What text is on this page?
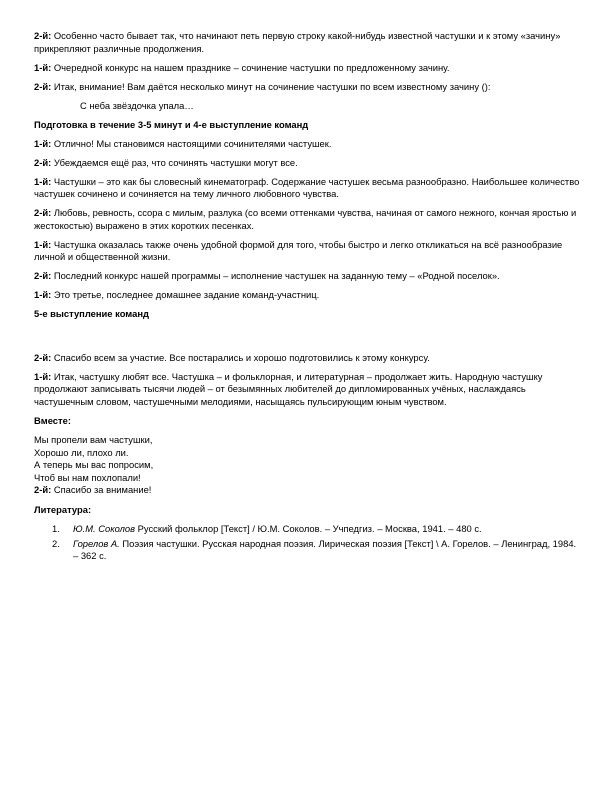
2-й: Особенно часто бывает так, что начинают петь первую строку какой-нибудь известной частушки и к этому «зачину» прикрепляют различные продолжения.

1-й: Очередной конкурс на нашем празднике – сочинение частушки по предложенному зачину.

2-й: Итак, внимание! Вам даётся несколько минут на сочинение частушки по всем известному зачину ():

С неба звёздочка упала…

Подготовка в течение 3-5 минут и 4-е выступление команд

1-й: Отлично! Мы становимся настоящими сочинителями частушек.

2-й: Убеждаемся ещё раз, что сочинять частушки могут все.

1-й: Частушки – это как бы словесный кинематограф. Содержание частушек весьма разнообразно. Наибольшее количество частушек сочинено и сочиняется на тему личного любовного чувства.

2-й: Любовь, ревность, ссора с милым, разлука (со всеми оттенками чувства, начиная от самого нежного, кончая яростью и жестокостью) выражено в этих коротких песенках.

1-й: Частушка оказалась также очень удобной формой для того, чтобы быстро и легко откликаться на всё разнообразие личной и общественной жизни.

2-й: Последний конкурс нашей программы – исполнение частушек на заданную тему – «Родной поселок».

1-й: Это третье, последнее домашнее задание команд-участниц.

5-е выступление команд

2-й: Спасибо всем за участие. Все постарались и хорошо подготовились к этому конкурсу.

1-й: Итак, частушку любят все. Частушка – и фольклорная, и литературная – продолжает жить. Народную частушку продолжают записывать тысячи людей – от безымянных любителей до дипломированных учёных, наслаждаясь частушечным словом, частушечными мелодиями, насыщаясь пульсирующим юным чувством.

Вместе:

Мы пропели вам частушки,

Хорошо ли, плохо ли.

А теперь мы вас попросим,

Чтоб вы нам похлопали!

2-й: Спасибо за внимание!

Литература:

1.	Ю.М. Соколов Русский фольклор [Текст] / Ю.М. Соколов. – Учпедгиз. – Москва, 1941. – 480 с.
2.	Горелов А. Поэзия частушки. Русская народная поэзия. Лирическая поэзия [Текст] \ А. Горелов. – Ленинград, 1984. – 362 с.
